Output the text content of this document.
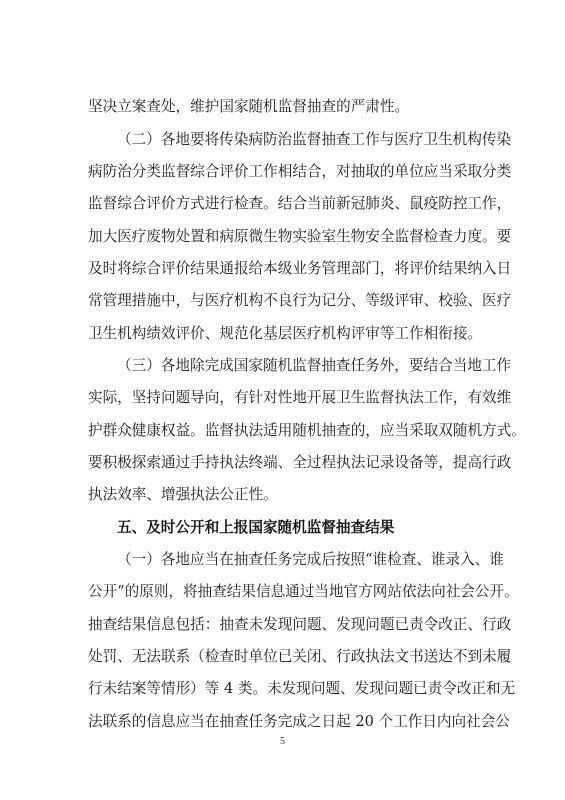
坚决立案查处，维护国家随机监督抽查的严肃性。
（二）各地要将传染病防治监督抽查工作与医疗卫生机构传染
病防治分类监督综合评价工作相结合，对抽取的单位应当采取分类
监督综合评价方式进行检查。结合当前新冠肺炎、鼠疫防控工作，
加大医疗废物处置和病原微生物实验室生物安全监督检查力度。要
及时将综合评价结果通报给本级业务管理部门，将评价结果纳入日
常管理措施中，与医疗机构不良行为记分、等级评审、校验、医疗
卫生机构绩效评价、规范化基层医疗机构评审等工作相衔接。
（三）各地除完成国家随机监督抽查任务外，要结合当地工作
实际，坚持问题导向，有针对性地开展卫生监督执法工作，有效维
护群众健康权益。监督执法适用随机抽查的，应当采取双随机方式。
要积极探索通过手持执法终端、全过程执法记录设备等，提高行政
执法效率、增强执法公正性。
五、及时公开和上报国家随机监督抽查结果
（一）各地应当在抽查任务完成后按照“谁检查、谁录入、谁
公开”的原则，将抽查结果信息通过当地官方网站依法向社会公开。
抽查结果信息包括：抽查未发现问题、发现问题已责令改正、行政
处罚、无法联系（检查时单位已关闭、行政执法文书送达不到未履
行未结案等情形）等 4 类。未发现问题、发现问题已责令改正和无
法联系的信息应当在抽查任务完成之日起 20 个工作日内向社会公
5
